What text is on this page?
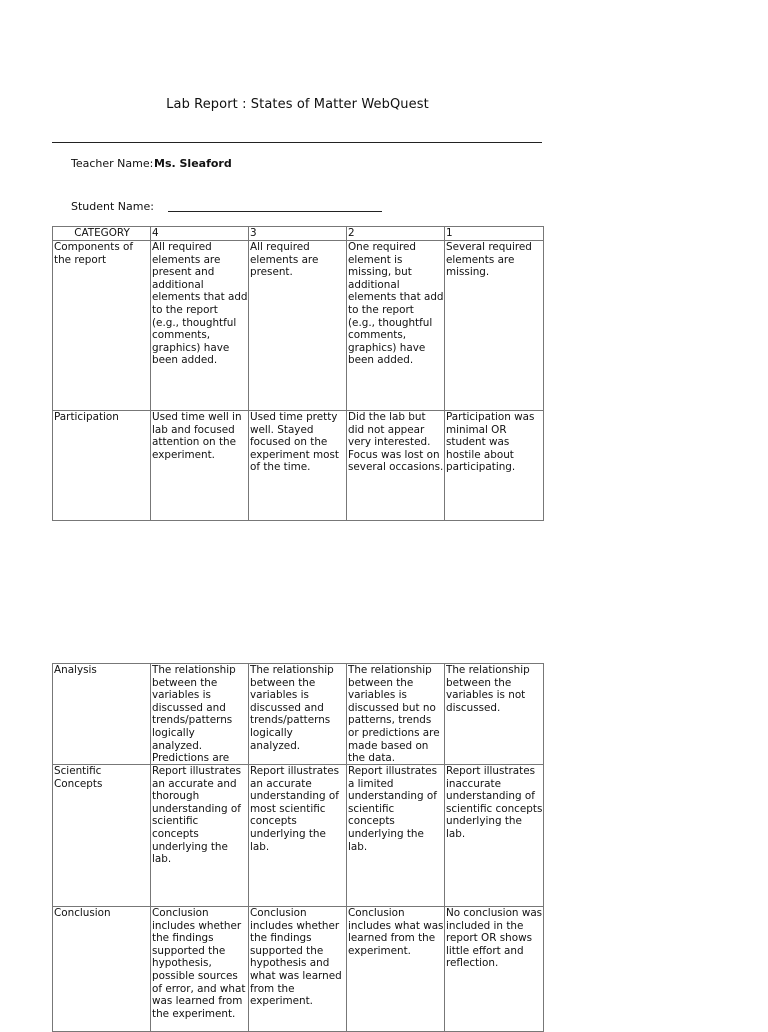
Lab Report : States of Matter WebQuest
Teacher Name: Ms. Sleaford
Student Name:
CATEGORY	4	3	2	1

Components of the report	All required elements are present and additional elements that add to the report (e.g., thoughtful comments, graphics) have been added.	All required elements are present.	One required element is missing, but additional elements that add to the report (e.g., thoughtful comments, graphics) have been added.	Several required elements are missing.

Participation	Used time well in lab and focused attention on the experiment.	Used time pretty well. Stayed focused on the experiment most of the time.	Did the lab but did not appear very interested. Focus was lost on several occasions.	Participation was minimal OR student was hostile about participating.
Analysis	The relationship between the variables is discussed and trends/patterns logically analyzed. Predictions are	The relationship between the variables is discussed and trends/patterns logically analyzed.	The relationship between the variables is discussed but no patterns, trends or predictions are made based on the data.	The relationship between the variables is not discussed.

Scientific Concepts	Report illustrates an accurate and thorough understanding of scientific concepts underlying the lab.	Report illustrates an accurate understanding of most scientific concepts underlying the lab.	Report illustrates a limited understanding of scientific concepts underlying the lab.	Report illustrates inaccurate understanding of scientific concepts underlying the lab.

Conclusion	Conclusion includes whether the findings supported the hypothesis, possible sources of error, and what was learned from the experiment.	Conclusion includes whether the findings supported the hypothesis and what was learned from the experiment.	Conclusion includes what was learned from the experiment.	No conclusion was included in the report OR shows little effort and reflection.
